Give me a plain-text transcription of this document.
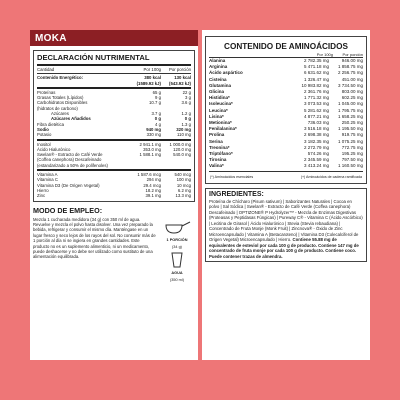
MOKA
DECLARACIÓN NUTRIMENTAL
Cantidad	Por 100g	Por porción
Contenido Energético:	380 kcal	130 kcal
(1589.92 kJ)	(543.92 kJ)
Proteínas	65 g	22 g
Grasas Totales (Lípidos)	9 g	3 g
Carbohidratos Disponibles	10.7 g	3.6 g
(hidratos de carbono)
Azúcares	3.7 g	1.2 g
Azúcares Añadidos	0 g	0 g
Fibra dietética	4 g	1.3 g
Sodio	940 mg	320 mg
Potasio	330 mg	110 mg
Inositol	2 941.1 mg	1 000.0 mg
Ácido Hialurónico	353.0 mg	120.0 mg
Swelan® - Extracto de Café Verde	1 588.1 mg	540.0 mg
(Coffea canephora) Descafeinado
(estandarizado a 50% de polifenoles)
Vitamina A	1 587.6 mcg	540 mcg
Vitamina C	294 mg	100 mg
Vitamina D3 (De Origen Vegetal)	29.4 mcg	10 mcg
Hierro	18.2 mg	6.2 mg
Zinc	39.1 mg	13.3 mg
MODO DE EMPLEO:

Mezcla 1 cucharada medidora (34 g) con 350 ml de agua. Revuelve y mezcla el polvo hasta disolver. Una vez preparado la bebida, refrigerar y consumir el mismo día. Manténgase en un lugar fresco y seco lejos de los rayos del sol. No consumir más de 1 porción al día ni se ingiera en grandes cantidades. Este producto no es un suplemento alimenticio, ni un medicamento, puede deshacerse y no debe ser utilizado como sustituto de una alimentación equilibrada.

1 PORCIÓN
(34 g)
AGUA
(350 ml)
CONTENIDO DE AMINOÁCIDOS
Por 100g	Por porción
Alanina	2 782.35 mg	946.00 mg
Arginina	5 471.18 mg	1 858.75 mg
Ácido aspártico	6 631.62 mg	2 256.75 mg
Cisteína	1 326.47 mg	451.00 mg
Glutamina	10 983.82 mg	3 734.50 mg
Glicina	2 361.76 mg	803.00 mg
Histidina*	1 771.32 mg	602.25 mg
Isoleucina*	3 073.53 mg	1 045.00 mg
Leucina*	5 281.62 mg	1 795.75 mg
Lisina*	4 877.21 mg	1 658.25 mg
Metionina*	736.03 mg	250.25 mg
Fenilalanina*	3 516.18 mg	1 195.50 mg
Prolina	2 698.38 mg	919.75 mg
Serina	3 182.35 mg	1 075.25 mg
Treonina*	2 272.79 mg	772.75 mg
Triptófano*	574.26 mg	195.25 mg
Tirosina	2 345.59 mg	797.50 mg
Valina*	3 413.24 mg	1 160.50 mg
(*) Aminoácidos esenciales	(+) Aminoácidos de cadena ramificada
INGREDIENTES:

Proteína de Chícharo (Pisum sativum) | Saborizantes Naturales | Cocoa en polvo | Sal Sódica | Swelan® - Extracto de Café Verde (Coffea canephora) Descafeinado | OPTIZONE® P Hydrolyzer™ - Mezcla de Enzimas Digestivas (Proteasas y Peptidasas Fúngicas) | Pureway C® - Vitamina C (Ácido Ascórbico) | Lecitina de Girasol | Ácido Hialurónico | Stevia (Stevia rebaudiana) | Concentrado de Fruta Monje (Monk Fruit) | Zincnova® - Óxido de Zinc Microencapsulado | Vitamina A (Betacaroteno) | Vitamina D3 (Colecalciferol de Origen Vegetal) Microencapsulado | Hierro. Contiene 55.88 mg de equivalentes de esteviol por cada 100 g de producto. Contiene 147 mg de concentrado de fruta monje por cada 100 g de producto. Contiene coco. Puede contener trazas de almendra.
